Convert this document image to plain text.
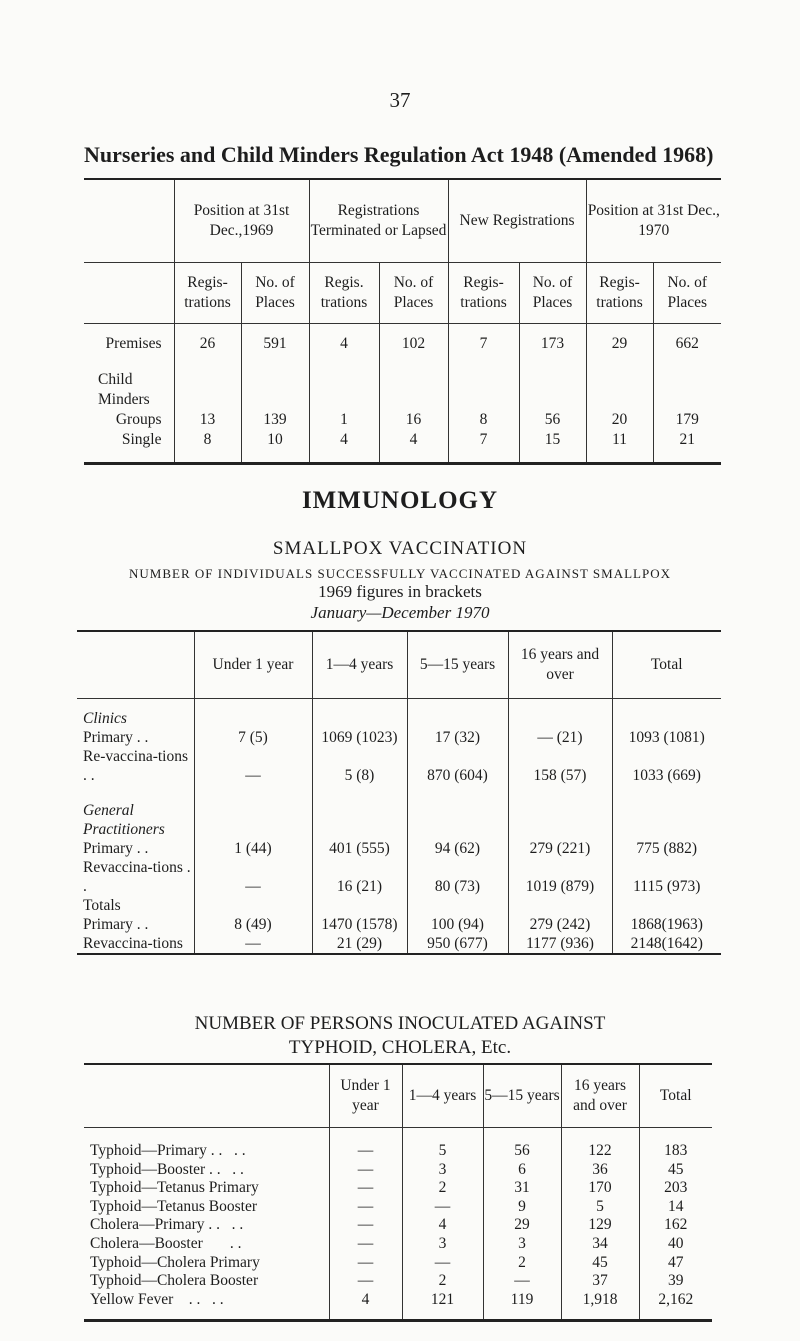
37
Nurseries and Child Minders Regulation Act 1948 (Amended 1968)
	Position at 31st Dec.,1969		Registrations Terminated or Lapsed		New Registrations		Position at 31st Dec., 1970	
	Regis-trations	No. of Places	Regis. trations	No. of Places	Regis-trations	No. of Places	Regis-trations	No. of Places
Premises	26	591	4	102	7	173	29	662
Child Minders								
Groups	13	139	1	16	8	56	20	179
Single	8	10	4	4	7	15	11	21
IMMUNOLOGY
SMALLPOX VACCINATION
NUMBER OF INDIVIDUALS SUCCESSFULLY VACCINATED AGAINST SMALLPOX
1969 figures in brackets
January—December 1970
	Under 1 year	1—4 years	5—15 years	16 years and over	Total
Clinics					
Primary . .	7 (5)	1069 (1023)	17 (32)	— (21)	1093 (1081)
Re-vaccina-tions . .	—	5 (8)	870 (604)	158 (57)	1033 (669)
General Practitioners					
Primary . .	1 (44)	401 (555)	94 (62)	279 (221)	775 (882)
Revaccina-tions . .	—	16 (21)	80 (73)	1019 (879)	1115 (973)
Totals					
Primary . .	8 (49)	1470 (1578)	100 (94)	279 (242)	1868(1963)
Revaccina-tions	—	21 (29)	950 (677)	1177 (936)	2148(1642)
NUMBER OF PERSONS INOCULATED AGAINST
TYPHOID, CHOLERA, Etc.
	Under 1 year	1—4 years	5—15 years	16 years and over	Total

Typhoid—Primary . .   . .	—	5	56	122	183
Typhoid—Booster . .   . .	—	3	6	36	45
Typhoid—Tetanus Primary	—	2	31	170	203
Typhoid—Tetanus Booster	—	—	9	5	14
Cholera—Primary . .   . .	—	4	29	129	162
Cholera—Booster       . .	—	3	3	34	40
Typhoid—Cholera Primary	—	—	2	45	47
Typhoid—Cholera Booster	—	2	—	37	39
Yellow Fever    . .   . .	4	121	119	1,918	2,162
